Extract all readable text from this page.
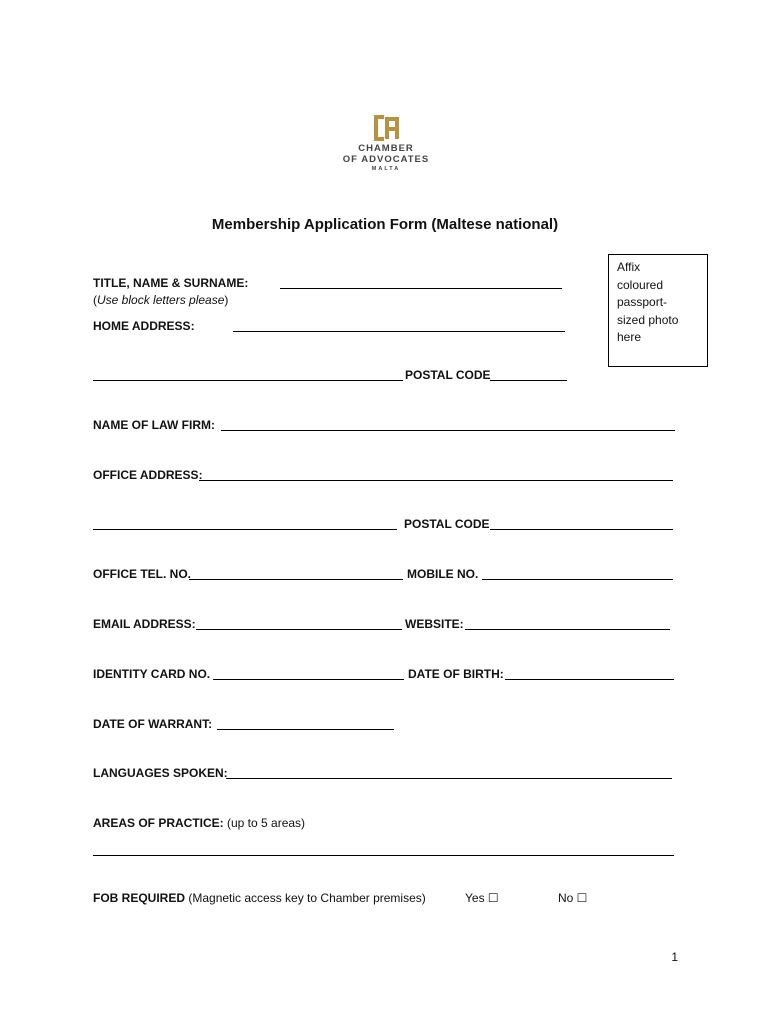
CHAMBER
OF ADVOCATES
MALTA
Membership Application Form (Maltese national)
Affix
coloured
passport-
sized photo
here
TITLE, NAME & SURNAME:
(Use block letters please)
HOME ADDRESS:
POSTAL CODE
NAME OF LAW FIRM:
OFFICE ADDRESS:
POSTAL CODE
OFFICE TEL. NO.	MOBILE NO.
EMAIL ADDRESS:	WEBSITE:
IDENTITY CARD NO.	DATE OF BIRTH:
DATE OF WARRANT:
LANGUAGES SPOKEN:
AREAS OF PRACTICE: (up to 5 areas)
FOB REQUIRED (Magnetic access key to Chamber premises)	Yes ☐	No ☐
1
